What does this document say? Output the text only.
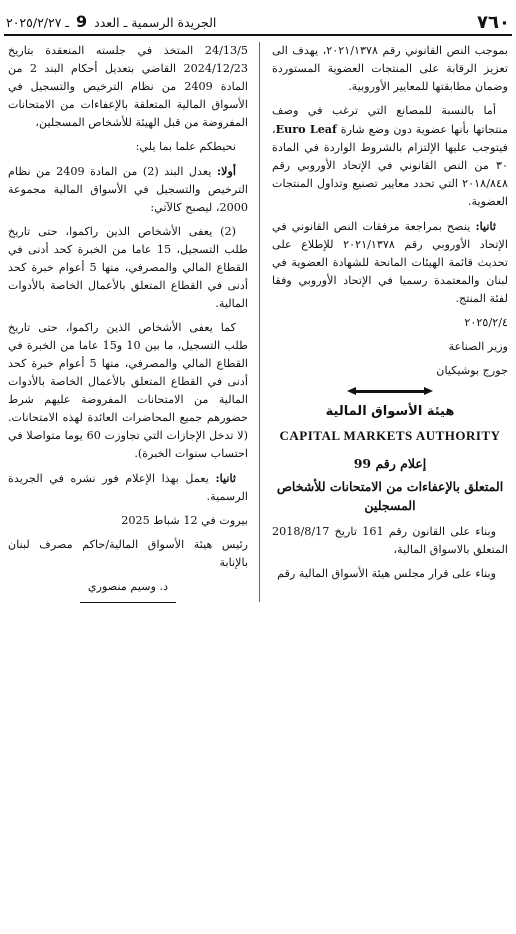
٧٦٠
الجريدة الرسمية ـ العدد 9 ـ ٢٠٢٥/٢/٢٧

بموجب النص القانوني رقم ٢٠٢١/١٣٧٨، يهدف الى تعزيز الرقابة على المنتجات العضوية المستوردة وضمان مطابقتها للمعايير الأوروبية.

أما بالنسبة للمصانع التي ترغب في وصف منتجاتها بأنها عضوية دون وضع شارة Euro Leaf، فيتوجب عليها الإلتزام بالشروط الواردة في المادة ٣٠ من النص القانوني في الإتحاد الأوروبي رقم ٢٠١٨/٨٤٨ التي تحدد معايير تصنيع وتداول المنتجات العضوية.

ثانيا: ينصح بمراجعة مرفقات النص القانوني في الإتحاد الأوروبي رقم ٢٠٢١/١٣٧٨ للإطلاع على تحديث قائمة الهيئات المانحة للشهادة العضوية في لبنان والمعتمدة رسميا في الإتحاد الأوروبي وفقا لفئة المنتج.

٢٠٢٥/٢/٤

وزير الصناعة

جورج بوشيكيان

هيئة الأسواق المالية
CAPITAL MARKETS AUTHORITY
إعلام رقم 99
المتعلق بالإعفاءات من الامتحانات للأشخاص المسجلين

وبناء على القانون رقم 161 تاريخ 2018/8/17 المتعلق بالاسواق المالية،

وبناء على قرار مجلس هيئة الأسواق المالية رقم

24/13/5 المتخذ في جلسته المنعقدة بتاريخ 2024/12/23 القاضي بتعديل أحكام البند 2 من المادة 2409 من نظام الترخيص والتسجيل في الأسواق المالية المتعلقة بالإعفاءات من الامتحانات المفروضة من قبل الهيئة للأشخاص المسجلين،

نحيطكم علما بما يلي:

أولا: يعدل البند (2) من المادة 2409 من نظام الترخيص والتسجيل في الأسواق المالية مجموعة 2000، ليصبح كالآتي:

(2) يعفى الأشخاص الذين راكموا، حتى تاريخ طلب التسجيل، 15 عاما من الخبرة كحد أدنى في القطاع المالي والمصرفي، منها 5 أعوام خبرة كحد أدنى في القطاع المتعلق بالأعمال الخاصة بالأدوات المالية.

كما يعفى الأشخاص الذين راكموا، حتى تاريخ طلب التسجيل، ما بين 10 و15 عاما من الخبرة في القطاع المالي والمصرفي، منها 5 أعوام خبرة كحد أدنى في القطاع المتعلق بالأعمال الخاصة بالأدوات المالية من الامتحانات المفروضة عليهم شرط حضورهم جميع المحاضرات العائدة لهذه الامتحانات. (لا تدخل الإجازات التي تجاوزت 60 يوما متواصلا في احتساب سنوات الخبرة).

ثانيا: يعمل بهذا الإعلام فور نشره في الجريدة الرسمية.

بيروت في 12 شباط 2025

رئيس هيئة الأسواق المالية/حاكم مصرف لبنان بالإنابة

د. وسيم منصوري
